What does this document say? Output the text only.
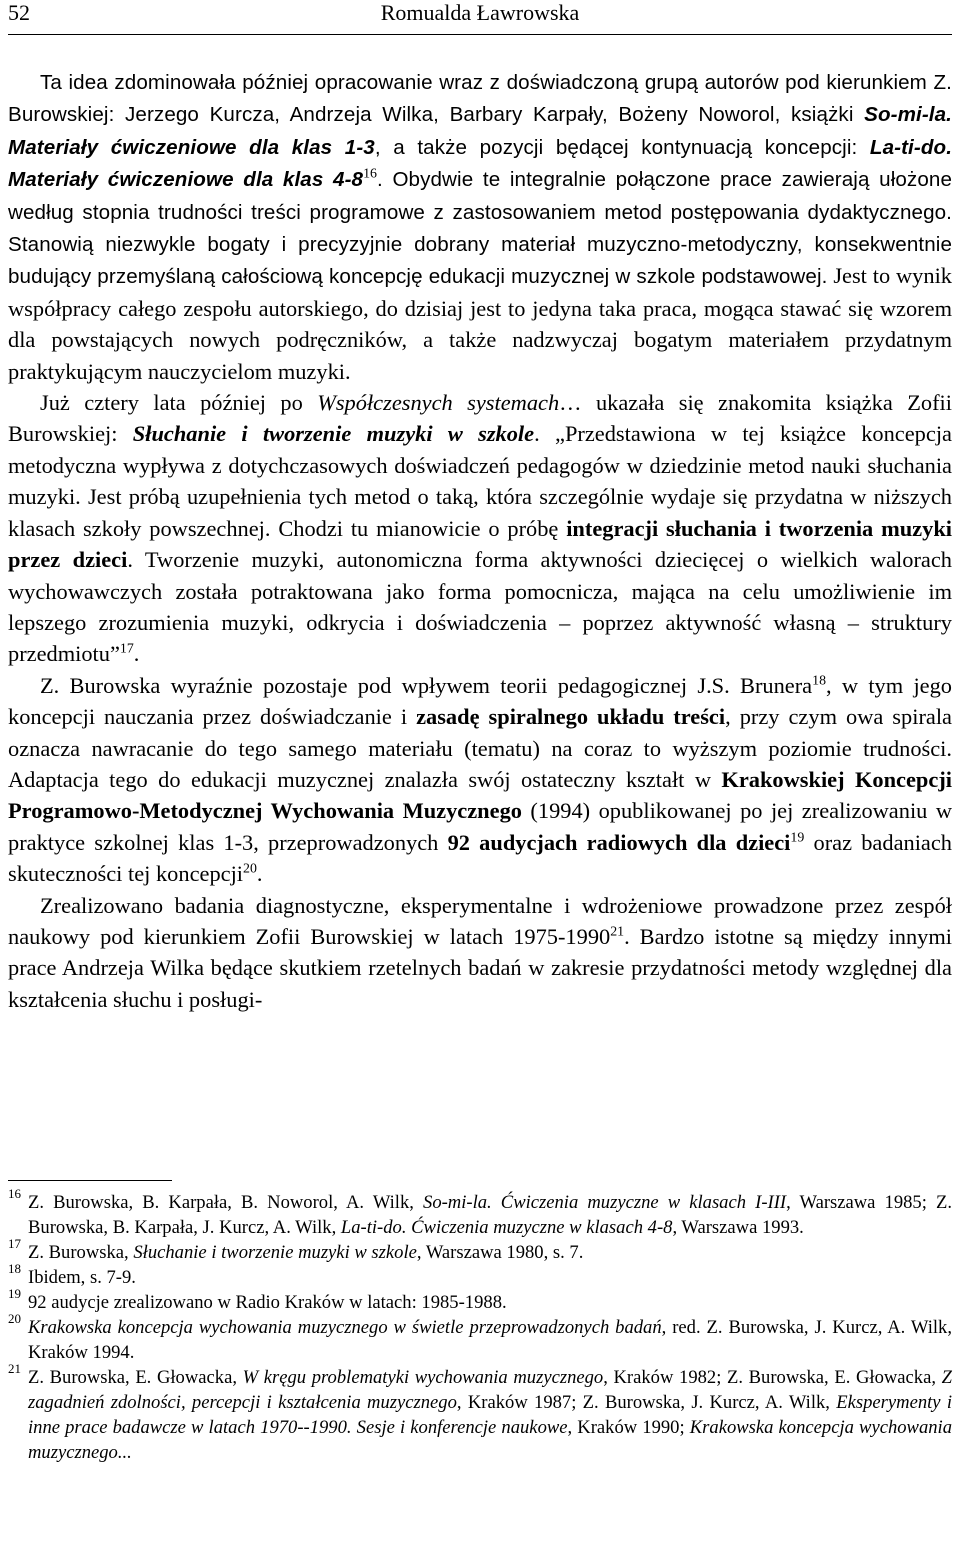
52	Romualda Ławrowska

Ta idea zdominowała później opracowanie wraz z doświadczoną grupą autorów pod kierunkiem Z. Burowskiej: Jerzego Kurcza, Andrzeja Wilka, Barbary Karpały, Bożeny Noworol, książki So-mi-la. Materiały ćwiczeniowe dla klas 1-3, a także pozycji będącej kontynuacją koncepcji: La-ti-do. Materiały ćwiczeniowe dla klas $4-8^{16}$. Obydwie te integralnie połączone prace zawierają ułożone według stopnia trudności treści programowe z zastosowaniem metod postępowania dydaktycznego. Stanowią niezwykle bogaty i precyzyjnie dobrany materiał muzyczno-metodyczny, konsekwentnie budujący przemyślaną całościową koncepcję edukacji muzycznej w szkole podstawowej. Jest to wynik współpracy całego zespołu autorskiego, do dzisiaj jest to jedyna taka praca, mogąca stawać się wzorem dla powstających nowych podręczników, a także nadzwyczaj bogatym materiałem przydatnym praktykującym nauczycielom muzyki.

Już cztery lata później po Współczesnych systemach… ukazała się znakomita książka Zofii Burowskiej: Słuchanie i tworzenie muzyki w szkole. „Przedstawiona w tej książce koncepcja metodyczna wypływa z dotychczasowych doświadczeń pedagogów w dziedzinie metod nauki słuchania muzyki. Jest próbą uzupełnienia tych metod o taką, która szczególnie wydaje się przydatna w niższych klasach szkoły powszechnej. Chodzi tu mianowicie o próbę integracji słuchania i tworzenia muzyki przez dzieci. Tworzenie muzyki, autonomiczna forma aktywności dziecięcej o wielkich walorach wychowawczych została potraktowana jako forma pomocnicza, mająca na celu umożliwienie im lepszego zrozumienia muzyki, odkrycia i doświadczenia – poprzez aktywność własną – struktury przedmiotu”$^{17}$.

Z. Burowska wyraźnie pozostaje pod wpływem teorii pedagogicznej J.S. Brunera$^{18}$, w tym jego koncepcji nauczania przez doświadczanie i zasadę spiralnego układu treści, przy czym owa spirala oznacza nawracanie do tego samego materiału (tematu) na coraz to wyższym poziomie trudności. Adaptacja tego do edukacji muzycznej znalazła swój ostateczny kształt w Krakowskiej Koncepcji Programowo-Metodycznej Wychowania Muzycznego (1994) opublikowanej po jej zrealizowaniu w praktyce szkolnej klas 1-3, przeprowadzonych 92 audycjach radiowych dla dzieci$^{19}$ oraz badaniach skuteczności tej koncepcji$^{20}$.

Zrealizowano badania diagnostyczne, eksperymentalne i wdrożeniowe prowadzone przez zespół naukowy pod kierunkiem Zofii Burowskiej w latach 1975-1990$^{21}$. Bardzo istotne są między innymi prace Andrzeja Wilka będące skutkiem rzetelnych badań w zakresie przydatności metody względnej dla kształcenia słuchu i posługi-

16 Z. Burowska, B. Karpała, B. Noworol, A. Wilk, So-mi-la. Ćwiczenia muzyczne w klasach I-III, Warszawa 1985; Z. Burowska, B. Karpała, J. Kurcz, A. Wilk, La-ti-do. Ćwiczenia muzyczne w klasach 4-8, Warszawa 1993.

17 Z. Burowska, Słuchanie i tworzenie muzyki w szkole, Warszawa 1980, s. 7.

18 Ibidem, s. 7-9.

19 92 audycje zrealizowano w Radio Kraków w latach: 1985-1988.

20 Krakowska koncepcja wychowania muzycznego w świetle przeprowadzonych badań, red. Z. Burowska, J. Kurcz, A. Wilk, Kraków 1994.

21 Z. Burowska, E. Głowacka, W kręgu problematyki wychowania muzycznego, Kraków 1982; Z. Burowska, E. Głowacka, Z zagadnień zdolności, percepcji i kształcenia muzycznego, Kraków 1987; Z. Burowska, J. Kurcz, A. Wilk, Eksperymenty i inne prace badawcze w latach 1970--1990. Sesje i konferencje naukowe, Kraków 1990; Krakowska koncepcja wychowania muzycznego...
